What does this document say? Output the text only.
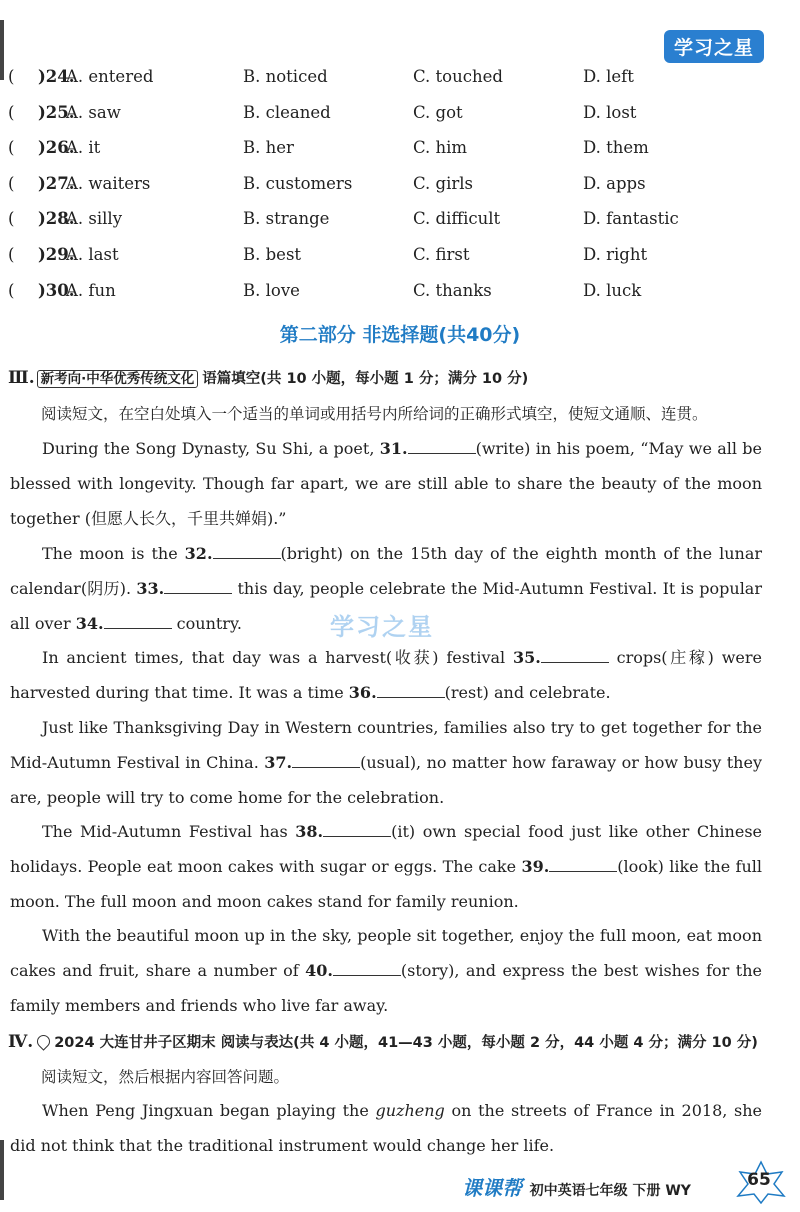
学习之星
( )24.
A. entered	B. noticed	C. touched	D. left
( )25.
A. saw	B. cleaned	C. got	D. lost
( )26.
A. it	B. her	C. him	D. them
( )27.
A. waiters	B. customers	C. girls	D. apps
( )28.
A. silly	B. strange	C. difficult	D. fantastic
( )29.
A. last	B. best	C. first	D. right
( )30.
A. fun	B. love	C. thanks	D. luck
第二部分 非选择题(共40分)
Ⅲ. 新考向·中华优秀传统文化 语篇填空(共 10 小题，每小题 1 分；满分 10 分)
阅读短文，在空白处填入一个适当的单词或用括号内所给词的正确形式填空，使短文通顺、连贯。
During the Song Dynasty, Su Shi, a poet, 31.	(write) in his poem, “May we all be blessed with longevity. Though far apart, we are still able to share the beauty of the moon together (但愿人长久，千里共婵娟).”
The moon is the 32.	(bright) on the 15th day of the eighth month of the lunar calendar(阴历). 33.	this day, people celebrate the Mid-Autumn Festival. It is popular all over 34.	country.	学习之星
In ancient times, that day was a harvest(收获) festival 35.	crops(庄稼) were harvested during that time. It was a time 36.	(rest) and celebrate.
Just like Thanksgiving Day in Western countries, families also try to get together for the Mid-Autumn Festival in China. 37.	(usual), no matter how faraway or how busy they are, people will try to come home for the celebration.
The Mid-Autumn Festival has 38.	(it) own special food just like other Chinese holidays. People eat moon cakes with sugar or eggs. The cake 39.	(look) like the full moon. The full moon and moon cakes stand for family reunion.
With the beautiful moon up in the sky, people sit together, enjoy the full moon, eat moon cakes and fruit, share a number of 40.	(story), and express the best wishes for the family members and friends who live far away.
Ⅳ. 2024 大连甘井子区期末 阅读与表达(共 4 小题，41—43 小题，每小题 2 分，44 小题 4 分；满分 10 分)
阅读短文，然后根据内容回答问题。
When Peng Jingxuan began playing the guzheng on the streets of France in 2018, she did not think that the traditional instrument would change her life.
课课帮 初中英语七年级 下册 WY
65
